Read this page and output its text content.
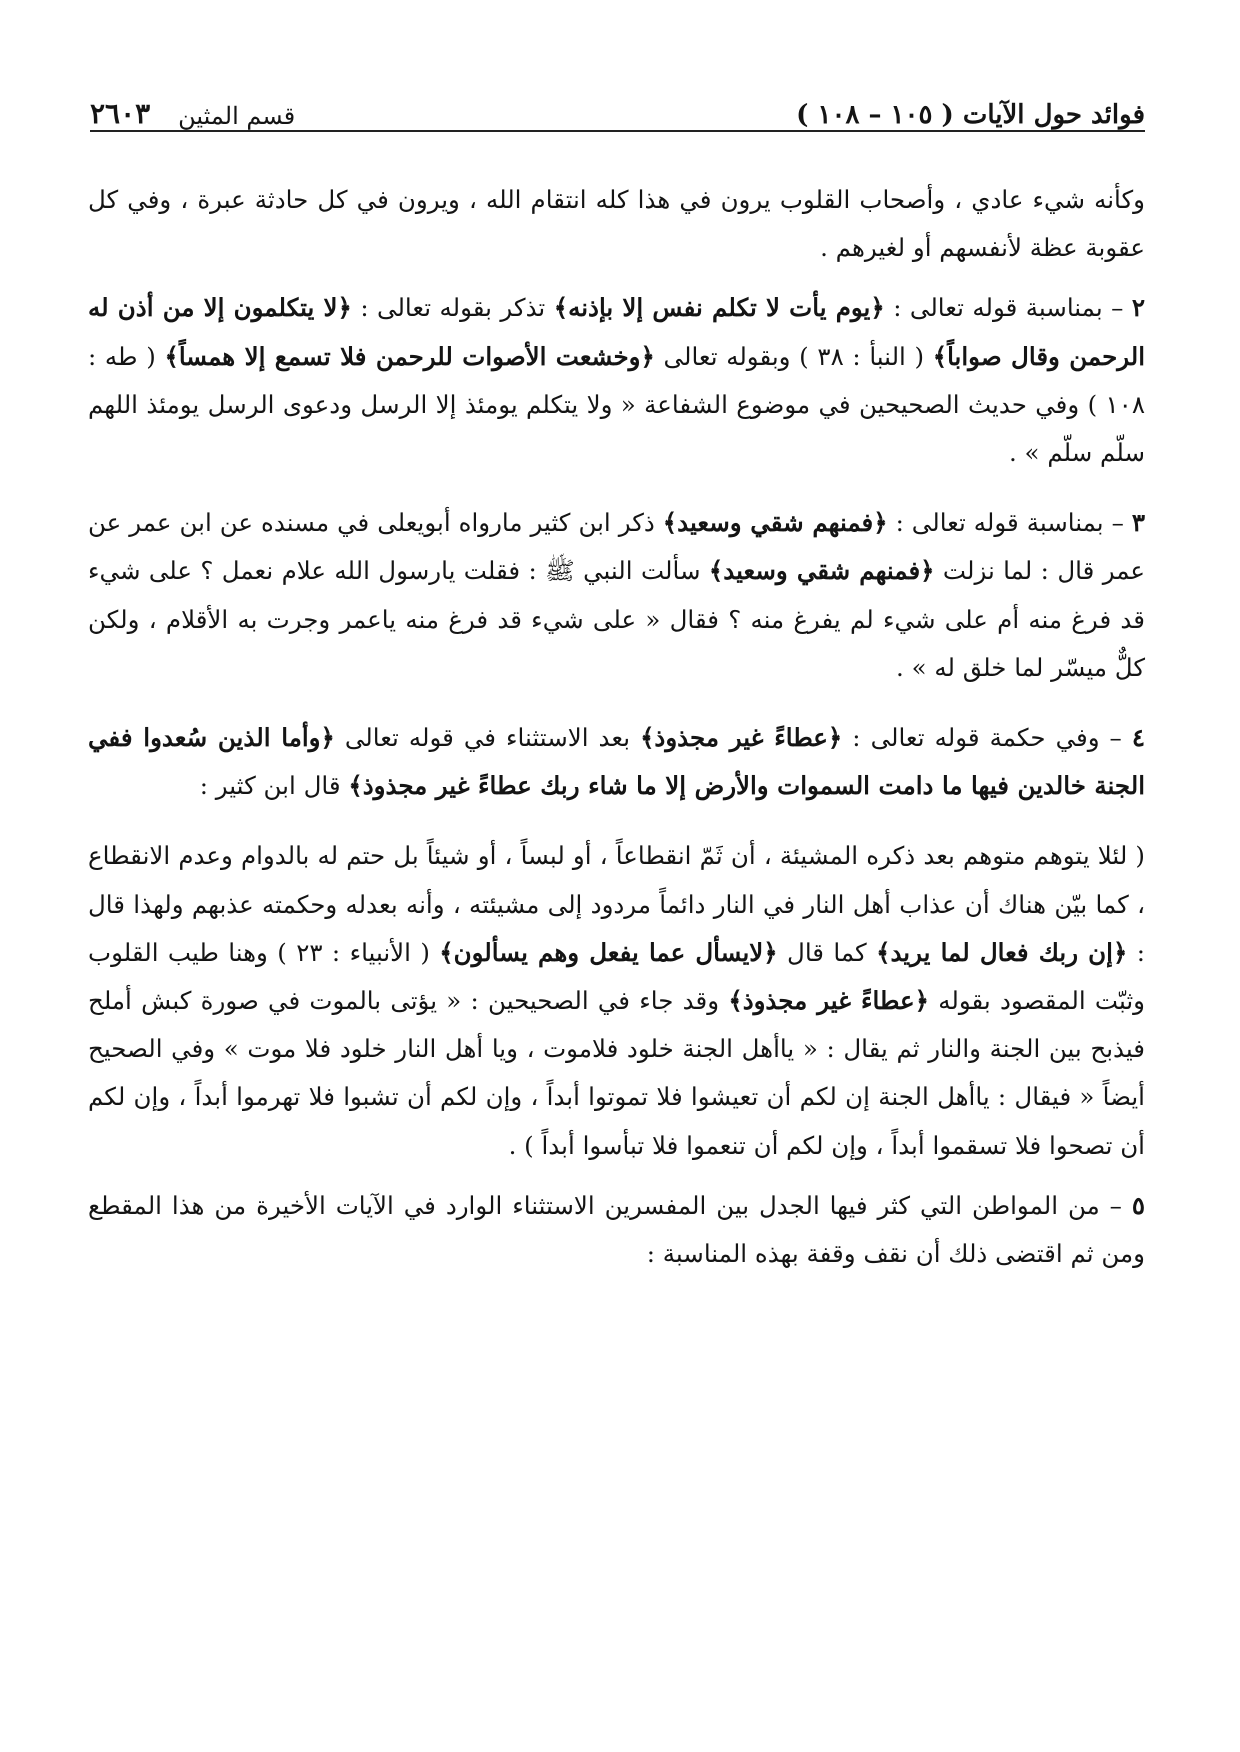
فوائد حول الآيات ( ١٠٥ – ١٠٨ )
٢٦٠٣ قسم المثين

وكأنه شيء عادي ، وأصحاب القلوب يرون في هذا كله انتقام الله ، ويرون في كل حادثة عبرة ، وفي كل عقوبة عظة لأنفسهم أو لغيرهم .

٢ – بمناسبة قوله تعالى : ﴿يوم يأت لا تكلم نفس إلا بإذنه﴾ تذكر بقوله تعالى : ﴿لا يتكلمون إلا من أذن له الرحمن وقال صواباً﴾ ( النبأ : ٣٨ ) وبقوله تعالى ﴿وخشعت الأصوات للرحمن فلا تسمع إلا همساً﴾ ( طه : ١٠٨ ) وفي حديث الصحيحين في موضوع الشفاعة « ولا يتكلم يومئذ إلا الرسل ودعوى الرسل يومئذ اللهم سلّم سلّم » .

٣ – بمناسبة قوله تعالى : ﴿فمنهم شقي وسعيد﴾ ذكر ابن كثير مارواه أبويعلى في مسنده عن ابن عمر عن عمر قال : لما نزلت ﴿فمنهم شقي وسعيد﴾ سألت النبي ﷺ : فقلت يارسول الله علام نعمل ؟ على شيء قد فرغ منه أم على شيء لم يفرغ منه ؟ فقال « على شيء قد فرغ منه ياعمر وجرت به الأقلام ، ولكن كلٌّ ميسّر لما خلق له » .

٤ – وفي حكمة قوله تعالى : ﴿عطاءً غير مجذوذ﴾ بعد الاستثناء في قوله تعالى ﴿وأما الذين سُعدوا ففي الجنة خالدين فيها ما دامت السموات والأرض إلا ما شاء ربك عطاءً غير مجذوذ﴾ قال ابن كثير :

( لئلا يتوهم متوهم بعد ذكره المشيئة ، أن ثَمّ انقطاعاً ، أو لبساً ، أو شيئاً بل حتم له بالدوام وعدم الانقطاع ، كما بيّن هناك أن عذاب أهل النار في النار دائماً مردود إلى مشيئته ، وأنه بعدله وحكمته عذبهم ولهذا قال : ﴿إن ربك فعال لما يريد﴾ كما قال ﴿لايسأل عما يفعل وهم يسألون﴾ ( الأنبياء : ٢٣ ) وهنا طيب القلوب وثبّت المقصود بقوله ﴿عطاءً غير مجذوذ﴾ وقد جاء في الصحيحين : « يؤتى بالموت في صورة كبش أملح فيذبح بين الجنة والنار ثم يقال : « ياأهل الجنة خلود فلاموت ، ويا أهل النار خلود فلا موت » وفي الصحيح أيضاً « فيقال : ياأهل الجنة إن لكم أن تعيشوا فلا تموتوا أبداً ، وإن لكم أن تشبوا فلا تهرموا أبداً ، وإن لكم أن تصحوا فلا تسقموا أبداً ، وإن لكم أن تنعموا فلا تبأسوا أبداً ) .

٥ – من المواطن التي كثر فيها الجدل بين المفسرين الاستثناء الوارد في الآيات الأخيرة من هذا المقطع ومن ثم اقتضى ذلك أن نقف وقفة بهذه المناسبة :
